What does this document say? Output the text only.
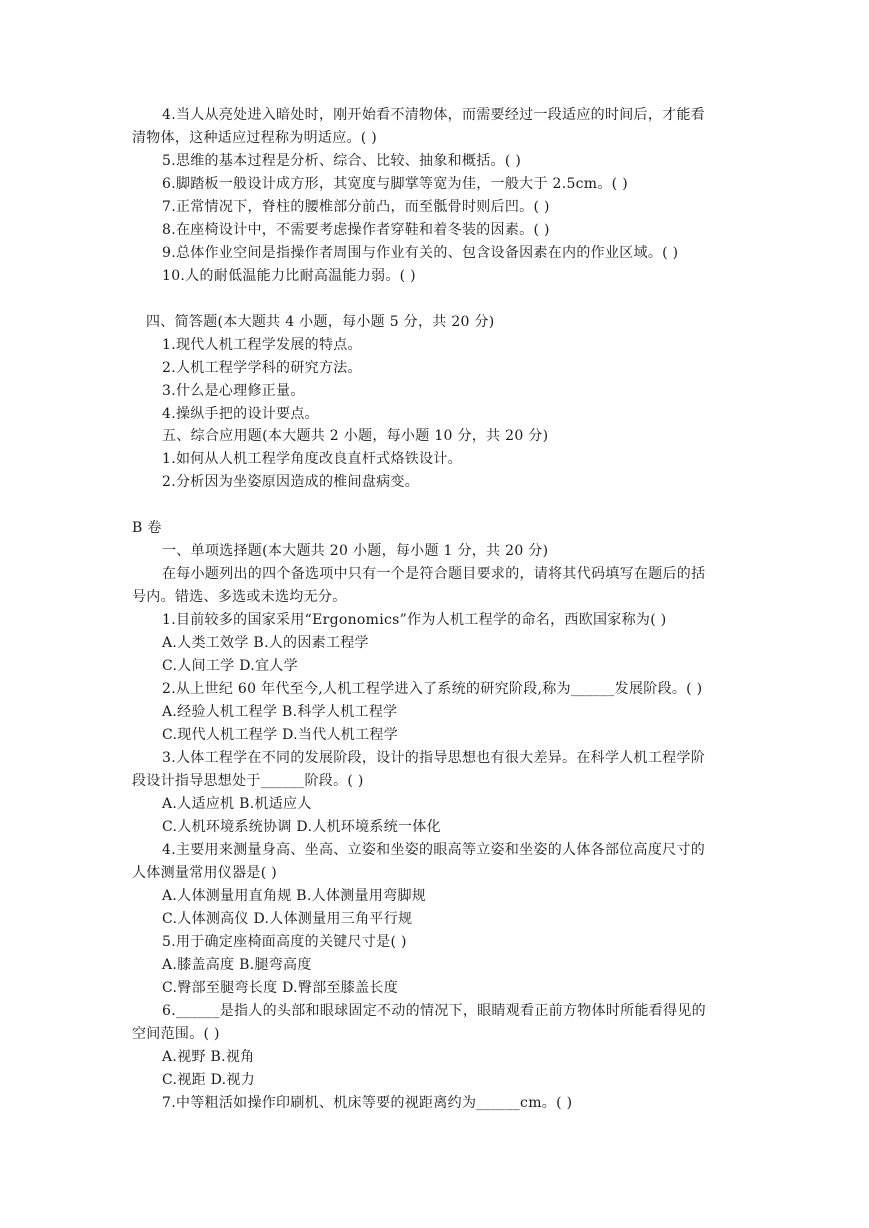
4.当人从亮处进入暗处时，刚开始看不清物体，而需要经过一段适应的时间后，才能看
清物体，这种适应过程称为明适应。( )
5.思维的基本过程是分析、综合、比较、抽象和概括。( )
6.脚踏板一般设计成方形，其宽度与脚掌等宽为佳，一般大于 2.5cm。( )
7.正常情况下，脊柱的腰椎部分前凸，而至骶骨时则后凹。( )
8.在座椅设计中，不需要考虑操作者穿鞋和着冬装的因素。( )
9.总体作业空间是指操作者周围与作业有关的、包含设备因素在内的作业区域。( )
10.人的耐低温能力比耐高温能力弱。( )
四、简答题(本大题共 4 小题，每小题 5 分，共 20 分)
1.现代人机工程学发展的特点。
2.人机工程学学科的研究方法。
3.什么是心理修正量。
4.操纵手把的设计要点。
五、综合应用题(本大题共 2 小题，每小题 10 分，共 20 分)
1.如何从人机工程学角度改良直杆式烙铁设计。
2.分析因为坐姿原因造成的椎间盘病变。
B 卷
一、单项选择题(本大题共 20 小题，每小题 1 分，共 20 分)
在每小题列出的四个备选项中只有一个是符合题目要求的，请将其代码填写在题后的括
号内。错选、多选或未选均无分。
1.目前较多的国家采用“Ergonomics”作为人机工程学的命名，西欧国家称为( )
A.人类工效学 B.人的因素工程学
C.人间工学 D.宜人学
2.从上世纪 60 年代至今,人机工程学进入了系统的研究阶段,称为______发展阶段。( )
A.经验人机工程学 B.科学人机工程学
C.现代人机工程学 D.当代人机工程学
3.人体工程学在不同的发展阶段，设计的指导思想也有很大差异。在科学人机工程学阶
段设计指导思想处于______阶段。( )
A.人适应机 B.机适应人
C.人机环境系统协调 D.人机环境系统一体化
4.主要用来测量身高、坐高、立姿和坐姿的眼高等立姿和坐姿的人体各部位高度尺寸的
人体测量常用仪器是( )
A.人体测量用直角规 B.人体测量用弯脚规
C.人体测高仪 D.人体测量用三角平行规
5.用于确定座椅面高度的关键尺寸是( )
A.膝盖高度 B.腿弯高度
C.臀部至腿弯长度 D.臀部至膝盖长度
6.______是指人的头部和眼球固定不动的情况下，眼睛观看正前方物体时所能看得见的
空间范围。( )
A.视野 B.视角
C.视距 D.视力
7.中等粗活如操作印刷机、机床等要的视距离约为______cm。( )
